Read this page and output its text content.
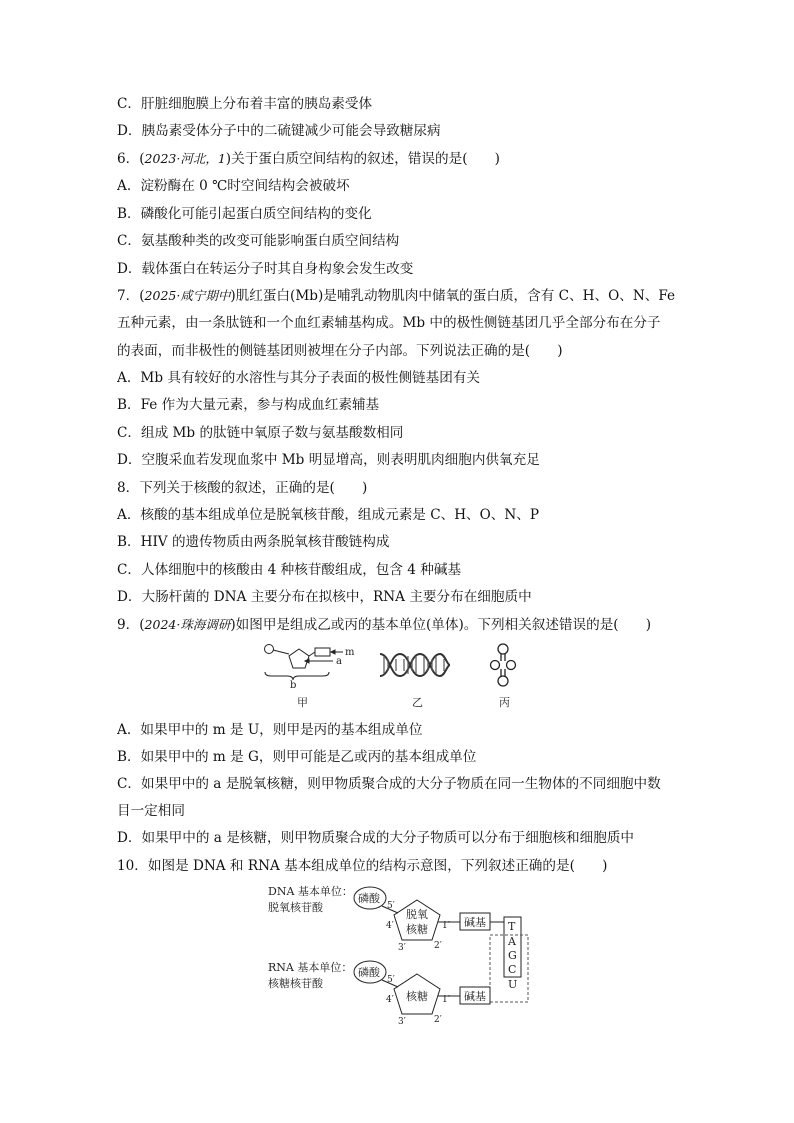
C．肝脏细胞膜上分布着丰富的胰岛素受体
D．胰岛素受体分子中的二硫键减少可能会导致糖尿病
6．(2023·河北，1)关于蛋白质空间结构的叙述，错误的是(　　)
A．淀粉酶在 0 ℃时空间结构会被破坏
B．磷酸化可能引起蛋白质空间结构的变化
C．氨基酸种类的改变可能影响蛋白质空间结构
D．载体蛋白在转运分子时其自身构象会发生改变
7．(2025·咸宁期中)肌红蛋白(Mb)是哺乳动物肌肉中储氧的蛋白质，含有 C、H、O、N、Fe
五种元素，由一条肽链和一个血红素辅基构成。Mb 中的极性侧链基团几乎全部分布在分子
的表面，而非极性的侧链基团则被埋在分子内部。下列说法正确的是(　　)
A．Mb 具有较好的水溶性与其分子表面的极性侧链基团有关
B．Fe 作为大量元素，参与构成血红素辅基
C．组成 Mb 的肽链中氧原子数与氨基酸数相同
D．空腹采血若发现血浆中 Mb 明显增高，则表明肌肉细胞内供氧充足
8．下列关于核酸的叙述，正确的是(　　)
A．核酸的基本组成单位是脱氧核苷酸，组成元素是 C、H、O、N、P
B．HIV 的遗传物质由两条脱氧核苷酸链构成
C．人体细胞中的核酸由 4 种核苷酸组成，包含 4 种碱基
D．大肠杆菌的 DNA 主要分布在拟核中，RNA 主要分布在细胞质中
9．(2024·珠海调研)如图甲是组成乙或丙的基本单位(单体)。下列相关叙述错误的是(　　)
m
a
b
甲	乙	丙
A．如果甲中的 m 是 U，则甲是丙的基本组成单位
B．如果甲中的 m 是 G，则甲可能是乙或丙的基本组成单位
C．如果甲中的 a 是脱氧核糖，则甲物质聚合成的大分子物质在同一生物体的不同细胞中数
目一定相同
D．如果甲中的 a 是核糖，则甲物质聚合成的大分子物质可以分布于细胞核和细胞质中
10．如图是 DNA 和 RNA 基本组成单位的结构示意图，下列叙述正确的是(　　)
DNA 基本单位：
脱氧核苷酸
磷酸
5′
脱氧
核糖
4′	1′
3′	2′
碱基 T
A
G
C
U
RNA 基本单位：
核糖核苷酸
磷酸
5′
核糖
4′	1′
3′	2′
碱基
